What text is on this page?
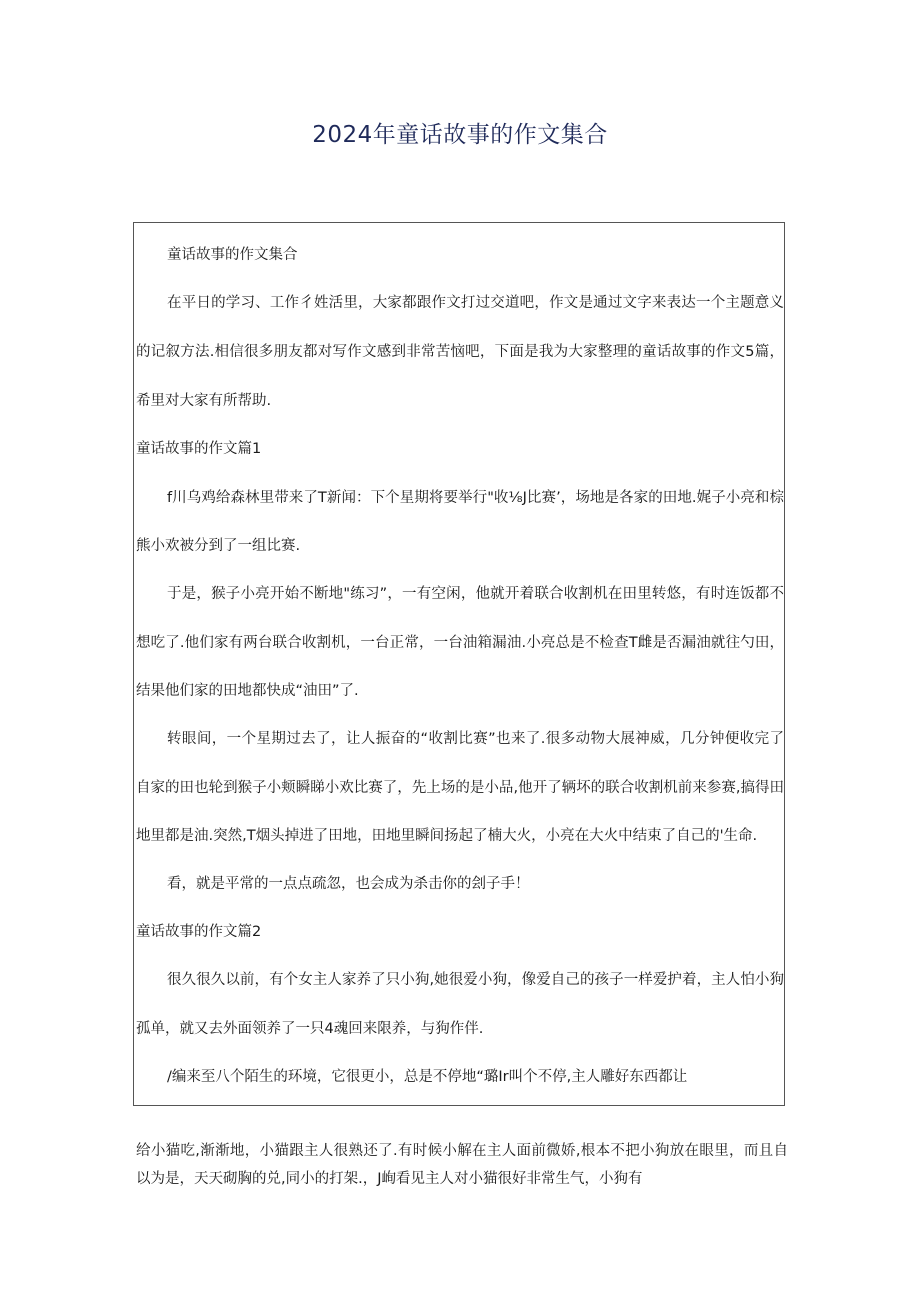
2024年童话故事的作文集合
童话故事的作文集合
在平日的学习、工作彳姓活里，大家都跟作文打过交道吧，作文是通过文字来表达一个主题意义
的记叙方法.相信很多朋友都对写作文感到非常苦恼吧，下面是我为大家整理的童话故事的作文5篇，
希里对大家有所帮助.
童话故事的作文篇1
f川乌鸡给森林里带来了T新闻：下个星期将要举行"收⅛J比赛’，场地是各家的田地.娓子小亮和棕
熊小欢被分到了一组比赛.
于是，猴子小亮开始不断地"练习”，一有空闲，他就开着联合收割机在田里转悠，有时连饭都不
想吃了.他们家有两台联合收割机，一台正常，一台油箱漏油.小亮总是不检查T雌是否漏油就往勺田，
结果他们家的田地都快成“油田”了.
转眼间，一个星期过去了，让人振奋的“收割比赛”也来了.很多动物大展神威，几分钟便收完了
自家的田也轮到猴子小颊瞬睇小欢比赛了，先上场的是小品,他开了辆坏的联合收割机前来参赛,搞得田
地里都是油.突然,T烟头掉进了田地，田地里瞬间扬起了楠大火，小亮在大火中结束了自己的'生命.
看，就是平常的一点点疏忽，也会成为杀击你的刽子手！
童话故事的作文篇2
很久很久以前，有个女主人家养了只小狗,她很爱小狗，像爱自己的孩子一样爱护着，主人怕小狗
孤单，就又去外面领养了一只4魂回来限养，与狗作伴.
/编来至八个陌生的环境，它很更小，总是不停地“璐Ir叫个不停,主人雕好东西都让
给小猫吃,渐渐地，小猫跟主人很熟还了.有时候小解在主人面前微娇,根本不把小狗放在眼里，而且自
以为是，天天砌胸的兑,同小的打架.，J峋看见主人对小猫很好非常生气，小狗有
